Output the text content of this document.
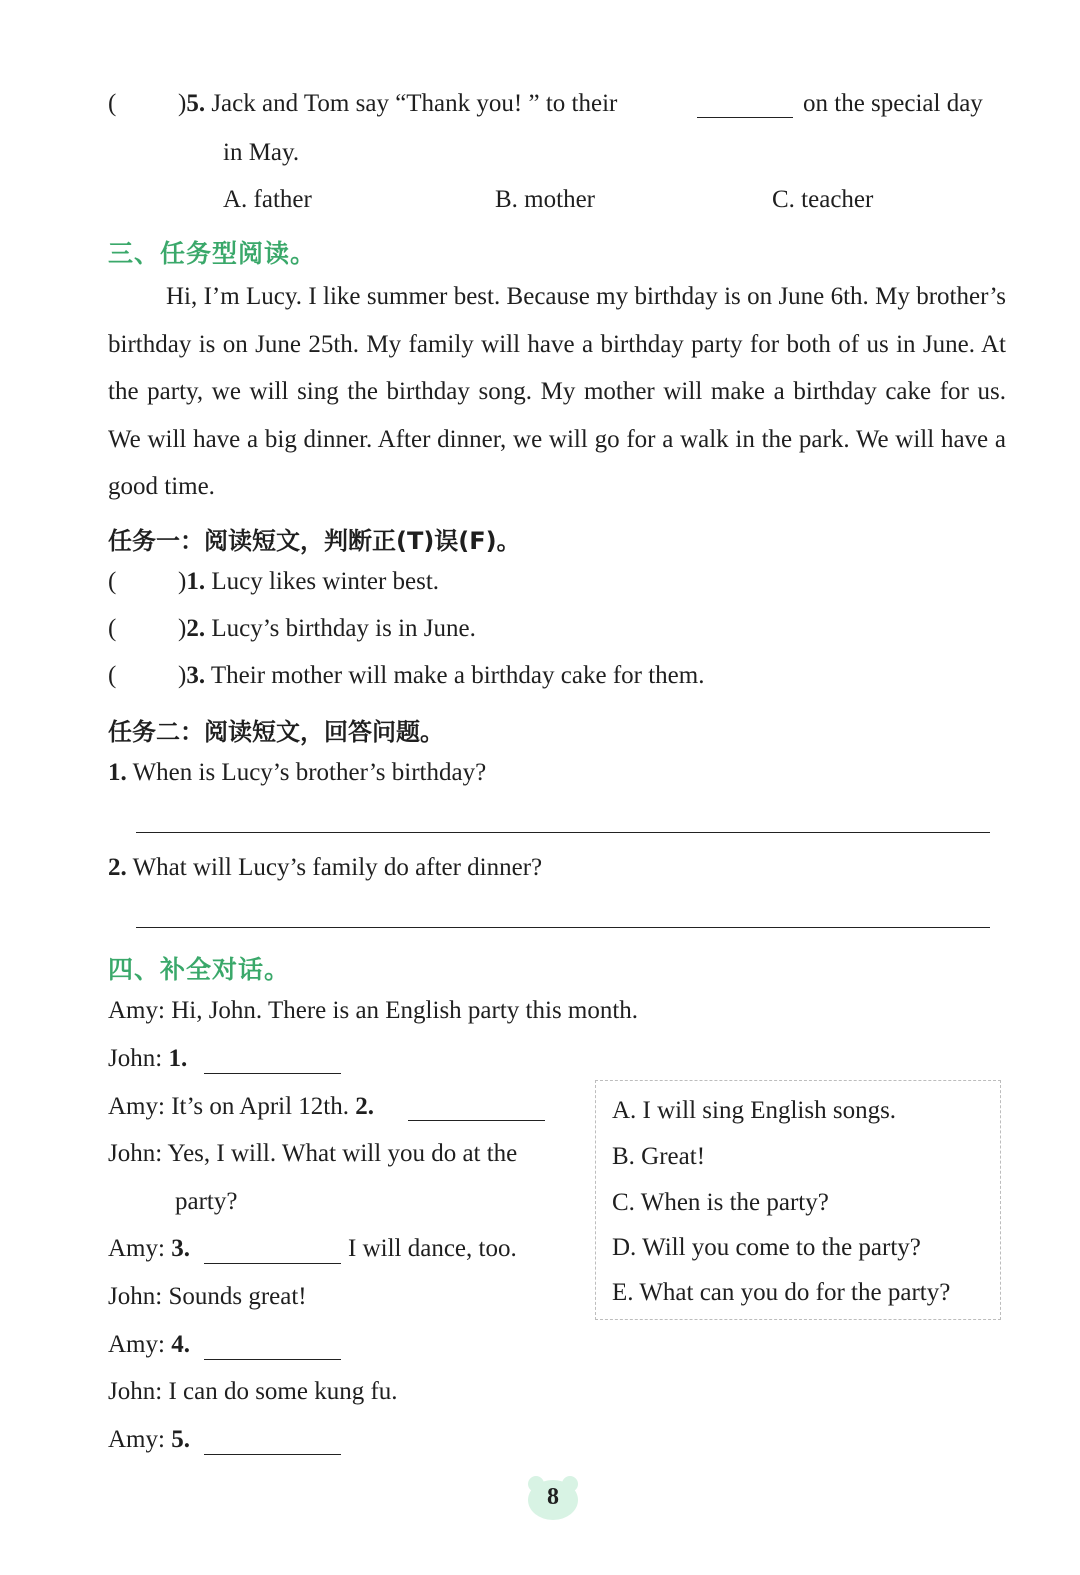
( )5. Jack and Tom say “Thank you! ” to their	on the special day
in May.
A. father	B. mother	C. teacher
三、任务型阅读。

Hi, I’m Lucy. I like summer best. Because my birthday is on June 6th. My brother’s birthday is on June 25th. My family will have a birthday party for both of us in June. At the party, we will sing the birthday song. My mother will make a birthday cake for us. We will have a big dinner. After dinner, we will go for a walk in the park. We will have a good time.

任务一：阅读短文，判断正(T)误(F)。
( )1. Lucy likes winter best.
( )2. Lucy’s birthday is in June.
( )3. Their mother will make a birthday cake for them.
任务二：阅读短文，回答问题。
1. When is Lucy’s brother’s birthday?
2. What will Lucy’s family do after dinner?
四、补全对话。
Amy: Hi, John. There is an English party this month.
John: 1.
Amy: It’s on April 12th. 2.
John: Yes, I will. What will you do at the
party?
Amy: 3.	I will dance, too.
John: Sounds great!
Amy: 4.
John: I can do some kung fu.
Amy: 5.
A. I will sing English songs.
B. Great!
C. When is the party?
D. Will you come to the party?
E. What can you do for the party?
8
